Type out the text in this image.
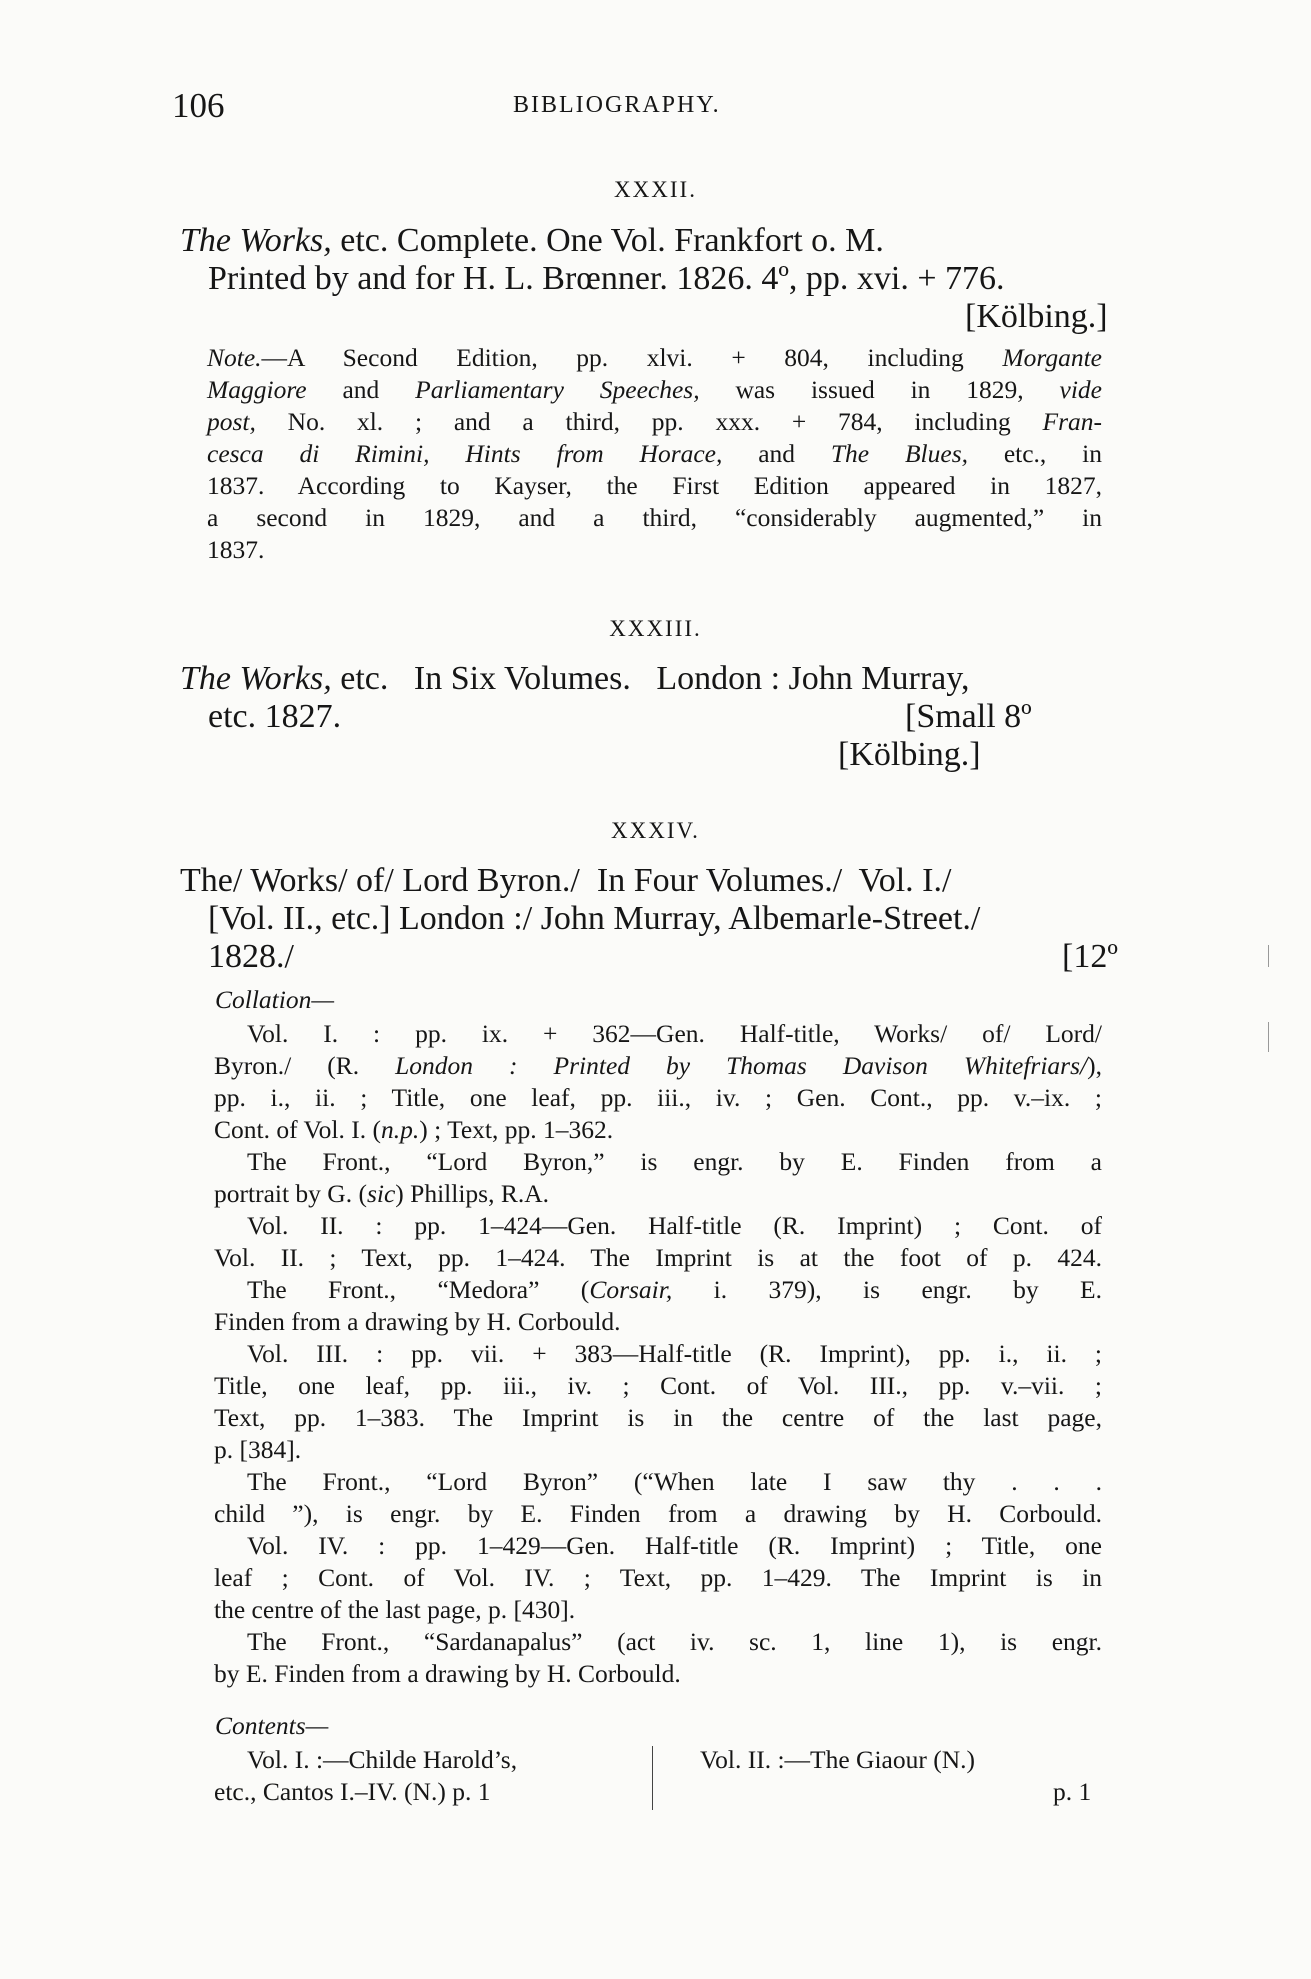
106	BIBLIOGRAPHY.
XXXII.
The Works, etc. Complete. One Vol. Frankfort o. M.
Printed by and for H. L. Brœnner. 1826. 4º, pp. xvi. + 776.
[Kölbing.]
Note.—A Second Edition, pp. xlvi. + 804, including Morgante
Maggiore and Parliamentary Speeches, was issued in 1829, vide
post, No. xl. ; and a third, pp. xxx. + 784, including Fran-
cesca di Rimini, Hints from Horace, and The Blues, etc., in
1837. According to Kayser, the First Edition appeared in 1827,
a second in 1829, and a third, “considerably augmented,” in
1837.
XXXIII.
The Works, etc.   In Six Volumes.   London : John Murray,
etc. 1827.	[Small 8º
[Kölbing.]
XXXIV.
The/ Works/ of/ Lord Byron./  In Four Volumes./  Vol. I./
[Vol. II., etc.] London :/ John Murray, Albemarle-Street./
1828./	[12º
Collation—
Vol. I. : pp. ix. + 362—Gen. Half-title, Works/ of/ Lord/
Byron./ (R. London : Printed by Thomas Davison Whitefriars/),
pp. i., ii. ; Title, one leaf, pp. iii., iv. ; Gen. Cont., pp. v.–ix. ;
Cont. of Vol. I. (n.p.) ; Text, pp. 1–362.
The Front., “Lord Byron,” is engr. by E. Finden from a
portrait by G. (sic) Phillips, R.A.
Vol. II. : pp. 1–424—Gen. Half-title (R. Imprint) ; Cont. of
Vol. II. ; Text, pp. 1–424. The Imprint is at the foot of p. 424.
The Front., “Medora” (Corsair, i. 379), is engr. by E.
Finden from a drawing by H. Corbould.
Vol. III. : pp. vii. + 383—Half-title (R. Imprint), pp. i., ii. ;
Title, one leaf, pp. iii., iv. ; Cont. of Vol. III., pp. v.–vii. ;
Text, pp. 1–383. The Imprint is in the centre of the last page,
p. [384].
The Front., “Lord Byron” (“When late I saw thy . . .
child ”), is engr. by E. Finden from a drawing by H. Corbould.
Vol. IV. : pp. 1–429—Gen. Half-title (R. Imprint) ; Title, one
leaf ; Cont. of Vol. IV. ; Text, pp. 1–429. The Imprint is in
the centre of the last page, p. [430].
The Front., “Sardanapalus” (act iv. sc. 1, line 1), is engr.
by E. Finden from a drawing by H. Corbould.
Contents—
Vol. I. :—Childe Harold’s,
etc., Cantos I.–IV. (N.) p. 1
Vol. II. :—The Giaour (N.)
p. 1
